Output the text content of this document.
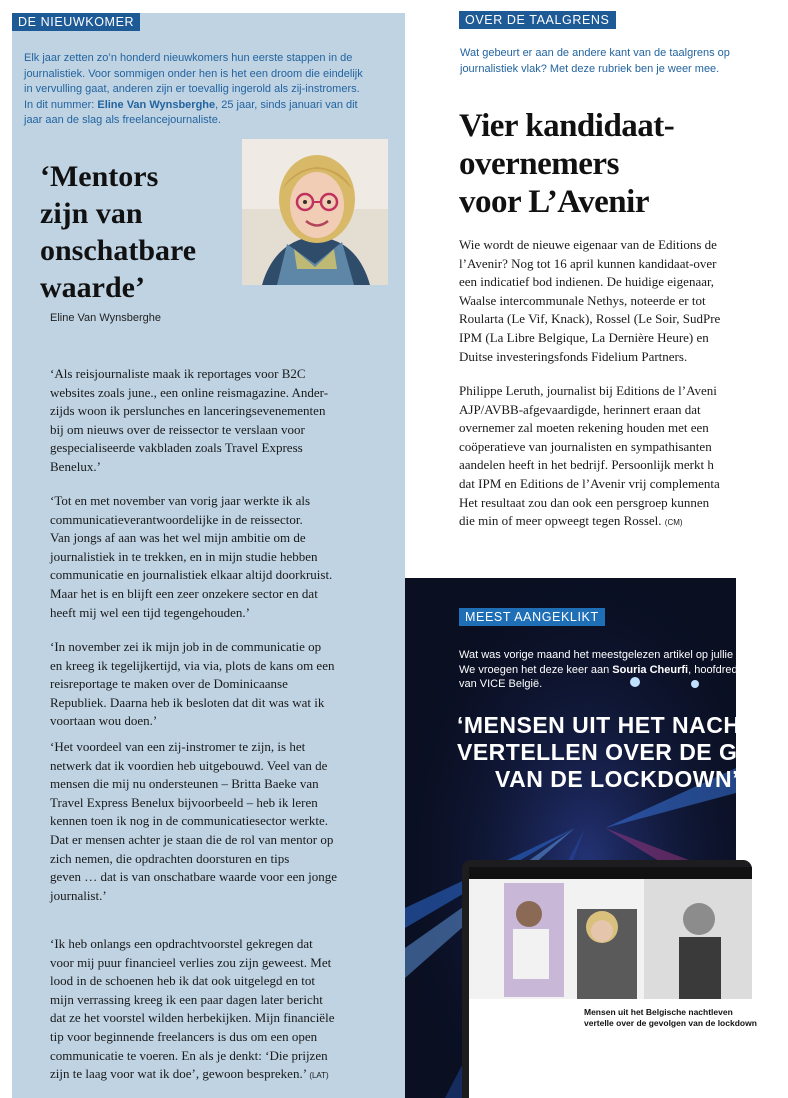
DE NIEUWKOMER
Elk jaar zetten zo’n honderd nieuwkomers hun eerste stappen in de
journalistiek. Voor sommigen onder hen is het een droom die eindelijk
in vervulling gaat, anderen zijn er toevallig ingerold als zij-instromers.
In dit nummer: Eline Van Wynsberghe, 25 jaar, sinds januari van dit
jaar aan de slag als freelancejournaliste.
‘Mentors
zijn van
onschatbare
waarde’
Eline Van Wynsberghe
‘Als reisjournaliste maak ik reportages voor B2C
websites zoals june., een online reismagazine. Ander-
zijds woon ik perslunches en lanceringsevenementen
bij om nieuws over de reissector te verslaan voor
gespecialiseerde vakbladen zoals Travel Express
Benelux.’
‘Tot en met november van vorig jaar werkte ik als
communicatieverantwoordelijke in de reissector.
Van jongs af aan was het wel mijn ambitie om de
journalistiek in te trekken, en in mijn studie hebben
communicatie en journalistiek elkaar altijd doorkruist.
Maar het is en blijft een zeer onzekere sector en dat
heeft mij wel een tijd tegengehouden.’
‘In november zei ik mijn job in de communicatie op
en kreeg ik tegelijkertijd, via via, plots de kans om een
reisreportage te maken over de Dominicaanse
Republiek. Daarna heb ik besloten dat dit was wat ik
voortaan wou doen.’
‘Het voordeel van een zij-instromer te zijn, is het
netwerk dat ik voordien heb uitgebouwd. Veel van de
mensen die mij nu ondersteunen – Britta Baeke van
Travel Express Benelux bijvoorbeeld – heb ik leren
kennen toen ik nog in de communicatiesector werkte.
Dat er mensen achter je staan die de rol van mentor op
zich nemen, die opdrachten doorsturen en tips
geven … dat is van onschatbare waarde voor een jonge
journalist.’
‘Ik heb onlangs een opdrachtvoorstel gekregen dat
voor mij puur financieel verlies zou zijn geweest. Met
lood in de schoenen heb ik dat ook uitgelegd en tot
mijn verrassing kreeg ik een paar dagen later bericht
dat ze het voorstel wilden herbekijken. Mijn financiële
tip voor beginnende freelancers is dus om een open
communicatie te voeren. En als je denkt: ‘Die prijzen
zijn te laag voor wat ik doe’, gewoon bespreken.’ (LAT)
OVER DE TAALGRENS
Wat gebeurt er aan de andere kant van de taalgrens op
journalistiek vlak? Met deze rubriek ben je weer mee.
Vier kandidaat-
overnemers
voor L’Avenir
Wie wordt de nieuwe eigenaar van de Editions de
l’Avenir? Nog tot 16 april kunnen kandidaat-over
een indicatief bod indienen. De huidige eigenaar,
Waalse intercommunale Nethys, noteerde er tot
Roularta (Le Vif, Knack), Rossel (Le Soir, SudPre
IPM (La Libre Belgique, La Dernière Heure) en
Duitse investeringsfonds Fidelium Partners.
Philippe Leruth, journalist bij Editions de l’Aveni
AJP/AVBB-afgevaardigde, herinnert eraan dat
overnemer zal moeten rekening houden met een
coöperatieve van journalisten en sympathisanten
aandelen heeft in het bedrijf. Persoonlijk merkt h
dat IPM en Editions de l’Avenir vrij complementa
Het resultaat zou dan ook een persgroep kunnen
die min of meer opweegt tegen Rossel. (CM)
MEEST AANGEKLIKT
Wat was vorige maand het meestgelezen artikel op jullie w
We vroegen het deze keer aan Souria Cheurfi, hoofdredac
van VICE België.
‘MENSEN UIT HET NACHTLE
VERTELLEN OVER DE GEVO
VAN DE LOCKDOWN’
Mensen uit het Belgische nachtleven vertelle over de gevolgen van de lockdown
